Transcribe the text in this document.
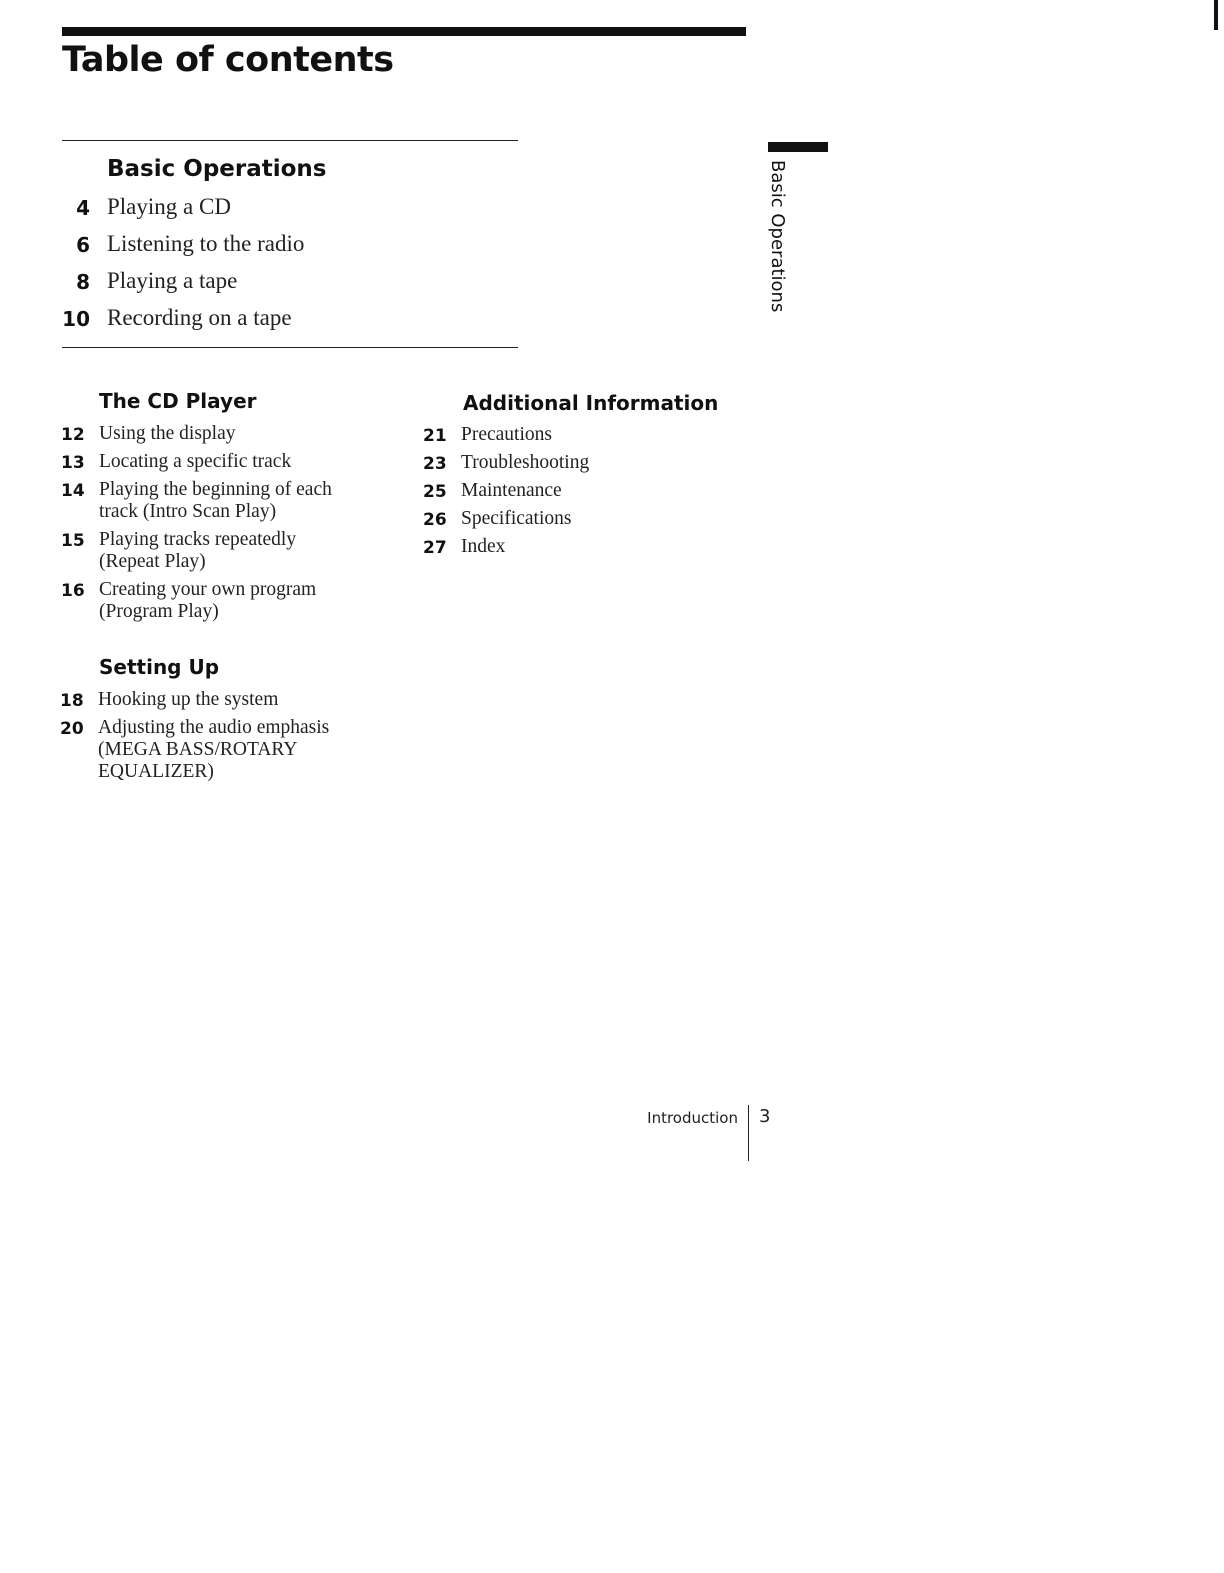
Table of contents
Basic Operations
4 Playing a CD
6 Listening to the radio
8 Playing a tape
10 Recording on a tape
The CD Player
12 Using the display
13 Locating a specific track
14 Playing the beginning of each
track (Intro Scan Play)
15 Playing tracks repeatedly
(Repeat Play)
16 Creating your own program
(Program Play)
Setting Up
18 Hooking up the system
20 Adjusting the audio emphasis
(MEGA BASS/ROTARY
EQUALIZER)
Additional Information
21 Precautions
23 Troubleshooting
25 Maintenance
26 Specifications
27 Index
Basic Operations
Introduction 3
